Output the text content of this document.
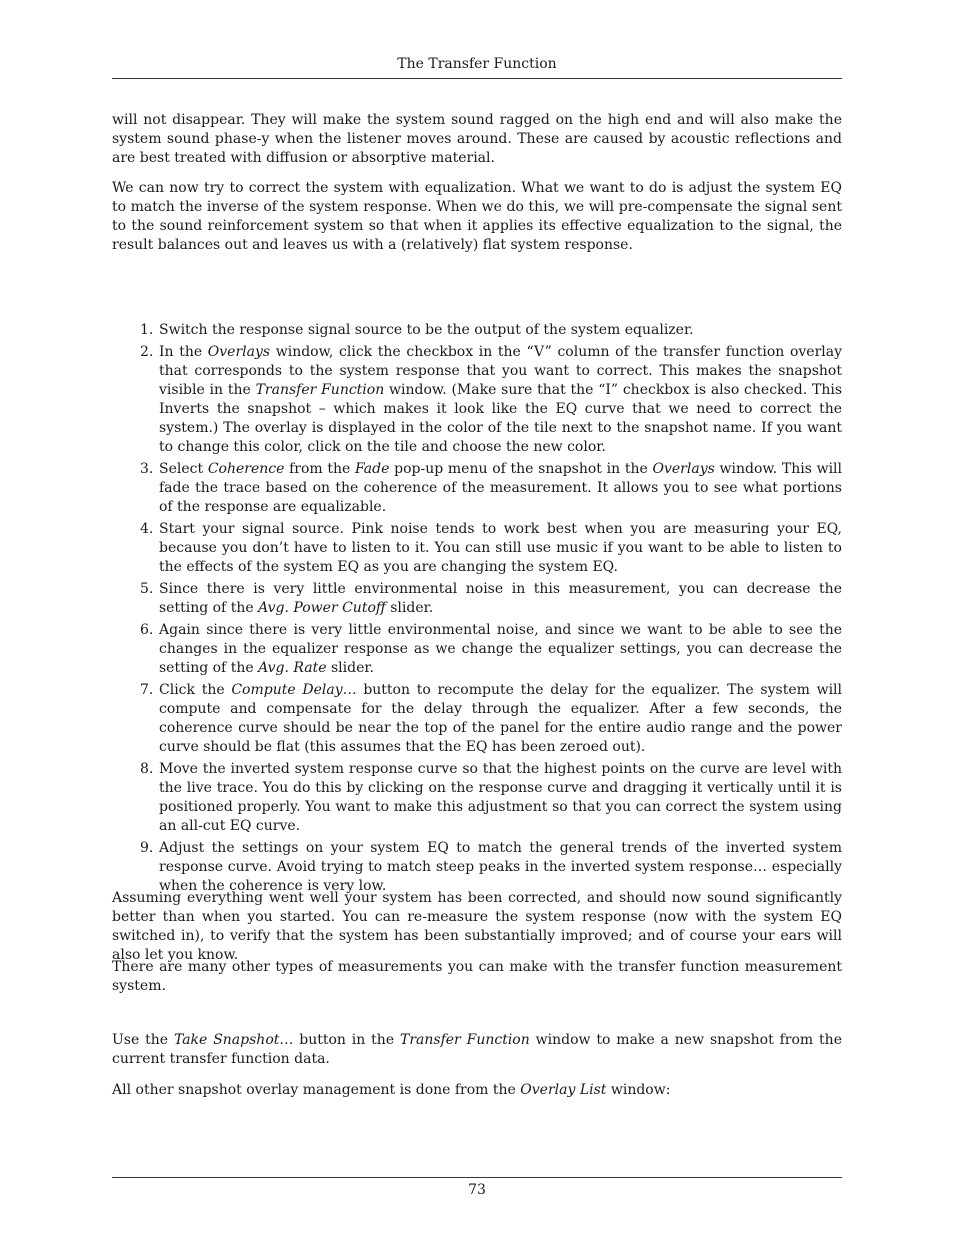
The Transfer Function

will not disappear. They will make the system sound ragged on the high end and will also make the system sound phase-y when the listener moves around. These are caused by acoustic reflections and are best treated with diffusion or absorptive material.

We can now try to correct the system with equalization. What we want to do is adjust the system EQ to match the inverse of the system response. When we do this, we will pre-compensate the signal sent to the sound reinforcement system so that when it applies its effective equalization to the signal, the result balances out and leaves us with a (relatively) flat system response.

1. Switch the response signal source to be the output of the system equalizer.
2. In the Overlays window, click the checkbox in the “V” column of the transfer function overlay that corresponds to the system response that you want to correct. This makes the snapshot visible in the Transfer Function window. (Make sure that the “I” checkbox is also checked. This Inverts the snapshot – which makes it look like the EQ curve that we need to correct the system.) The overlay is displayed in the color of the tile next to the snapshot name. If you want to change this color, click on the tile and choose the new color.
3. Select Coherence from the Fade pop-up menu of the snapshot in the Overlays window. This will fade the trace based on the coherence of the measurement. It allows you to see what portions of the response are equalizable.
4. Start your signal source. Pink noise tends to work best when you are measuring your EQ, because you don’t have to listen to it. You can still use music if you want to be able to listen to the effects of the system EQ as you are changing the system EQ.
5. Since there is very little environmental noise in this measurement, you can decrease the setting of the Avg. Power Cutoff slider.
6. Again since there is very little environmental noise, and since we want to be able to see the changes in the equalizer response as we change the equalizer settings, you can decrease the setting of the Avg. Rate slider.
7. Click the Compute Delay… button to recompute the delay for the equalizer. The system will compute and compensate for the delay through the equalizer. After a few seconds, the coherence curve should be near the top of the panel for the entire audio range and the power curve should be flat (this assumes that the EQ has been zeroed out).
8. Move the inverted system response curve so that the highest points on the curve are level with the live trace. You do this by clicking on the response curve and dragging it vertically until it is positioned properly. You want to make this adjustment so that you can correct the system using an all-cut EQ curve.
9. Adjust the settings on your system EQ to match the general trends of the inverted system response curve. Avoid trying to match steep peaks in the inverted system response… especially when the coherence is very low.

Assuming everything went well your system has been corrected, and should now sound significantly better than when you started. You can re-measure the system response (now with the system EQ switched in), to verify that the system has been substantially improved; and of course your ears will also let you know.

There are many other types of measurements you can make with the transfer function measurement system.

Use the Take Snapshot… button in the Transfer Function window to make a new snapshot from the current transfer function data.

All other snapshot overlay management is done from the Overlay List window:

73
